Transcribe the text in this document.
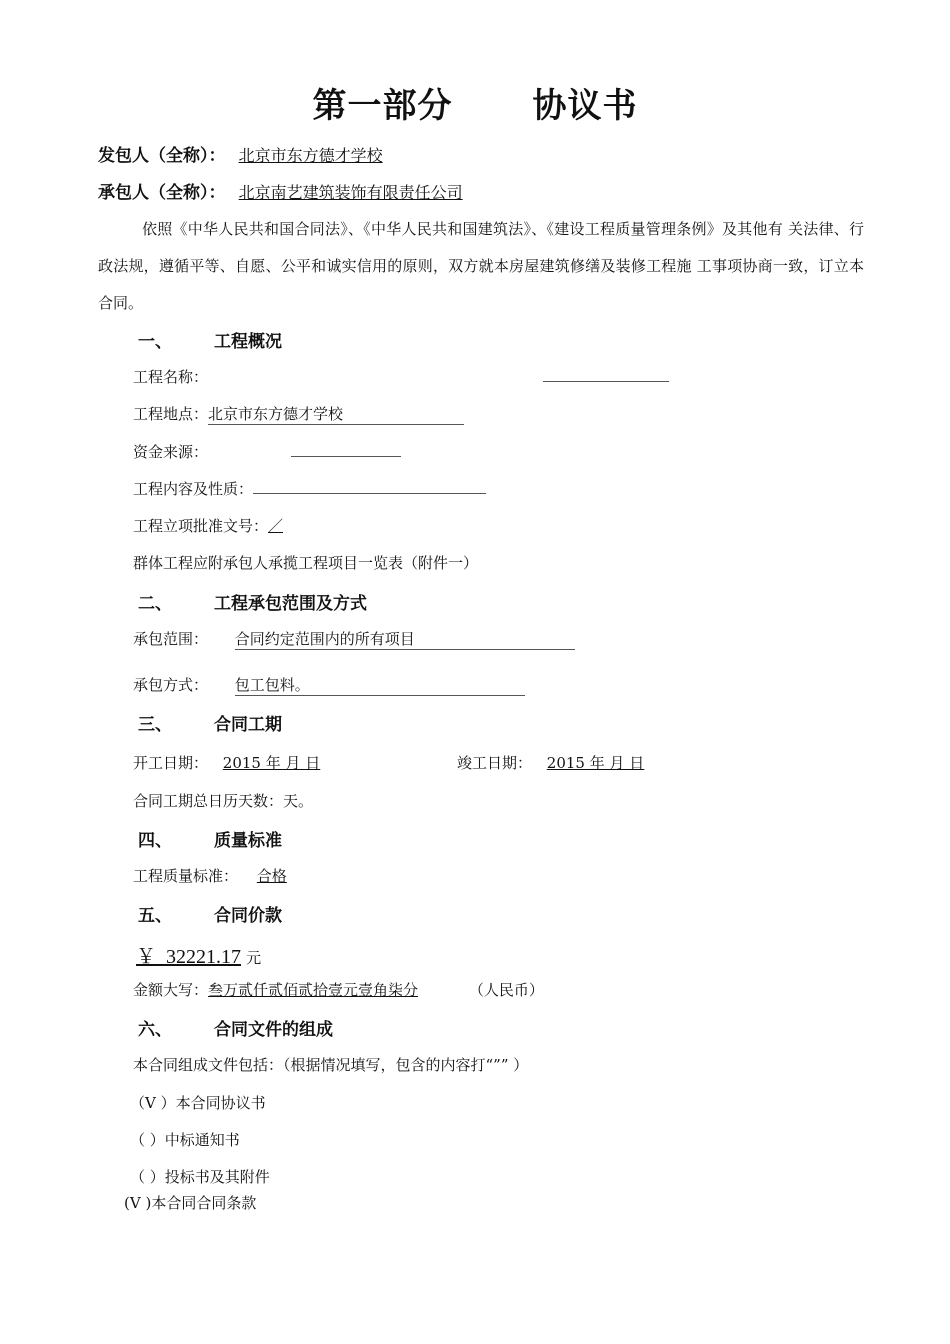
第一部分 协议书
发包人（全称）： 北京市东方德才学校
承包人（全称）： 北京南艺建筑装饰有限责任公司
依照《中华人民共和国合同法》、《中华人民共和国建筑法》、《建设工程质量管理条例》及其他有 关法律、行政法规，遵循平等、自愿、公平和诚实信用的原则，双方就本房屋建筑修缮及装修工程施 工事项协商一致，订立本合同。
一、 工程概况
工程名称：
工程地点：北京市东方德才学校
资金来源：
工程内容及性质：
工程立项批准文号：／
群体工程应附承包人承揽工程项目一览表（附件一）
二、 工程承包范围及方式
承包范围： 合同约定范围内的所有项目
承包方式： 包工包料。
三、 合同工期
开工日期： 2015 年 月 日	竣工日期： 2015 年 月 日
合同工期总日历天数：天。
四、 质量标准
工程质量标准： 合格
五、 合同价款
￥ 32221.17 元
金额大写：叁万贰仟贰佰贰拾壹元壹角柒分	（人民币）
六、 合同文件的组成
本合同组成文件包括：（根据情况填写，包含的内容打“”” ）
（V ）本合同协议书
（ ）中标通知书
（ ）投标书及其附件
(V )本合同合同条款
